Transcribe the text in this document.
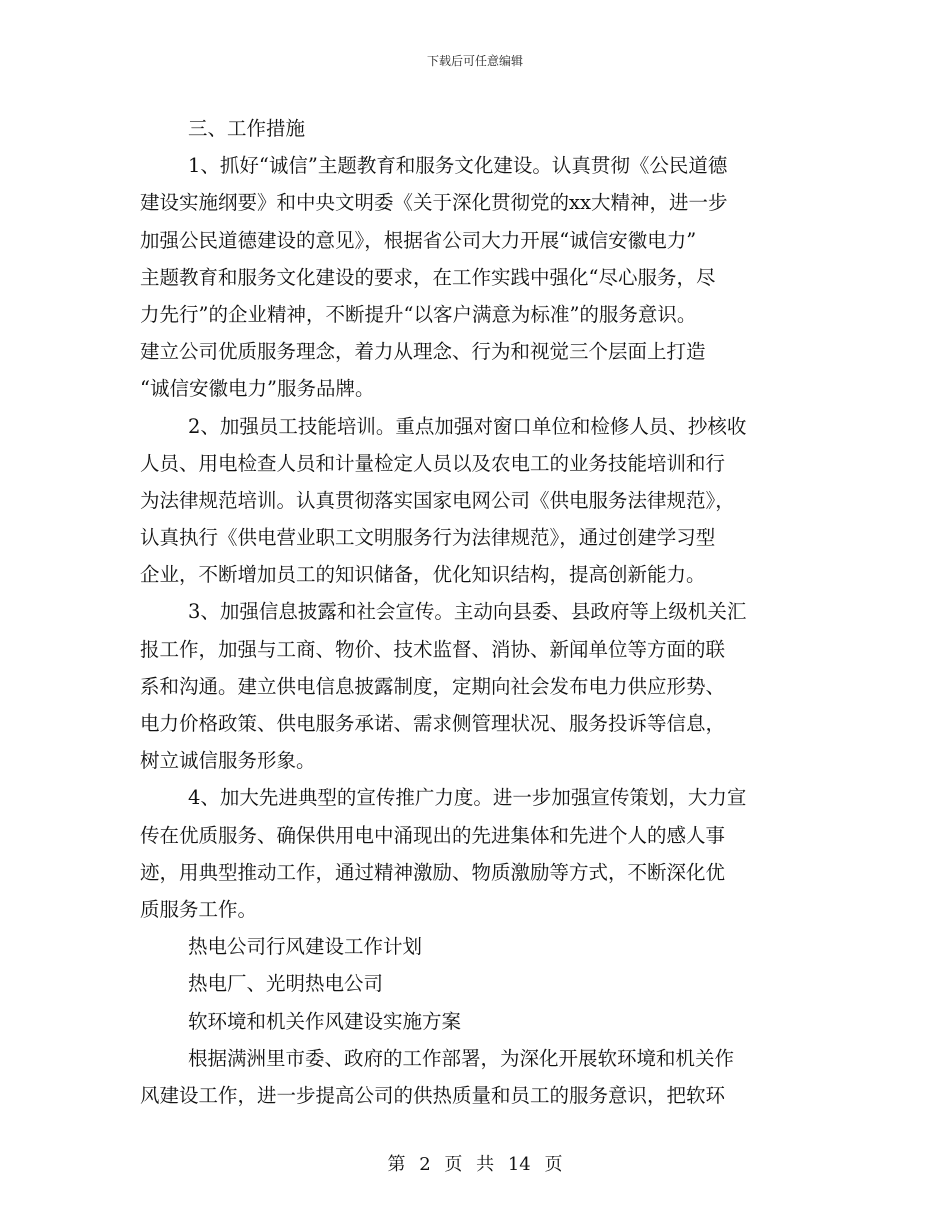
下载后可任意编辑
三、工作措施
1、抓好“诚信”主题教育和服务文化建设。认真贯彻《公民道德
建设实施纲要》和中央文明委《关于深化贯彻党的xx大精神，进一步
加强公民道德建设的意见》，根据省公司大力开展“诚信安徽电力”
主题教育和服务文化建设的要求，在工作实践中强化“尽心服务，尽
力先行”的企业精神，不断提升“以客户满意为标准”的服务意识。
建立公司优质服务理念，着力从理念、行为和视觉三个层面上打造
“诚信安徽电力”服务品牌。
2、加强员工技能培训。重点加强对窗口单位和检修人员、抄核收
人员、用电检查人员和计量检定人员以及农电工的业务技能培训和行
为法律规范培训。认真贯彻落实国家电网公司《供电服务法律规范》，
认真执行《供电营业职工文明服务行为法律规范》，通过创建学习型
企业，不断增加员工的知识储备，优化知识结构，提高创新能力。
3、加强信息披露和社会宣传。主动向县委、县政府等上级机关汇
报工作，加强与工商、物价、技术监督、消协、新闻单位等方面的联
系和沟通。建立供电信息披露制度，定期向社会发布电力供应形势、
电力价格政策、供电服务承诺、需求侧管理状况、服务投诉等信息，
树立诚信服务形象。
4、加大先进典型的宣传推广力度。进一步加强宣传策划，大力宣
传在优质服务、确保供用电中涌现出的先进集体和先进个人的感人事
迹，用典型推动工作，通过精神激励、物质激励等方式，不断深化优
质服务工作。
热电公司行风建设工作计划
热电厂、光明热电公司
软环境和机关作风建设实施方案
根据满洲里市委、政府的工作部署，为深化开展软环境和机关作
风建设工作，进一步提高公司的供热质量和员工的服务意识，把软环
第 2 页 共 14 页
